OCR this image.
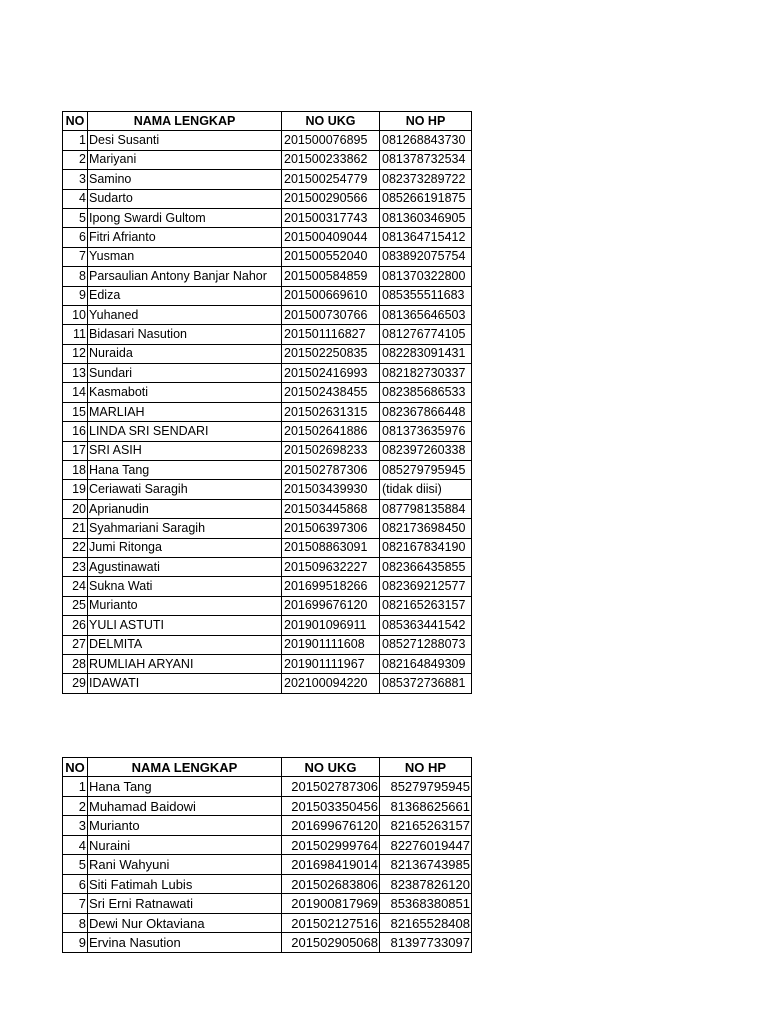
NO	NAMA LENGKAP	NO UKG	NO HP
1	Desi Susanti	201500076895	081268843730
2	Mariyani	201500233862	081378732534
3	Samino	201500254779	082373289722
4	Sudarto	201500290566	085266191875
5	Ipong Swardi Gultom	201500317743	081360346905
6	Fitri Afrianto	201500409044	081364715412
7	Yusman	201500552040	083892075754
8	Parsaulian Antony Banjar Nahor	201500584859	081370322800
9	Ediza	201500669610	085355511683
10	Yuhaned	201500730766	081365646503
11	Bidasari Nasution	201501116827	081276774105
12	Nuraida	201502250835	082283091431
13	Sundari	201502416993	082182730337
14	Kasmaboti	201502438455	082385686533
15	MARLIAH	201502631315	082367866448
16	LINDA SRI SENDARI	201502641886	081373635976
17	SRI ASIH	201502698233	082397260338
18	Hana Tang	201502787306	085279795945
19	Ceriawati Saragih	201503439930	(tidak diisi)
20	Aprianudin	201503445868	087798135884
21	Syahmariani Saragih	201506397306	082173698450
22	Jumi Ritonga	201508863091	082167834190
23	Agustinawati	201509632227	082366435855
24	Sukna Wati	201699518266	082369212577
25	Murianto	201699676120	082165263157
26	YULI ASTUTI	201901096911	085363441542
27	DELMITA	201901111608	085271288073
28	RUMLIAH ARYANI	201901111967	082164849309
29	IDAWATI	202100094220	085372736881
NO	NAMA LENGKAP	NO UKG	NO HP
1	Hana Tang	201502787306	85279795945
2	Muhamad Baidowi	201503350456	81368625661
3	Murianto	201699676120	82165263157
4	Nuraini	201502999764	82276019447
5	Rani Wahyuni	201698419014	82136743985
6	Siti Fatimah Lubis	201502683806	82387826120
7	Sri Erni Ratnawati	201900817969	85368380851
8	Dewi Nur Oktaviana	201502127516	82165528408
9	Ervina Nasution	201502905068	81397733097
